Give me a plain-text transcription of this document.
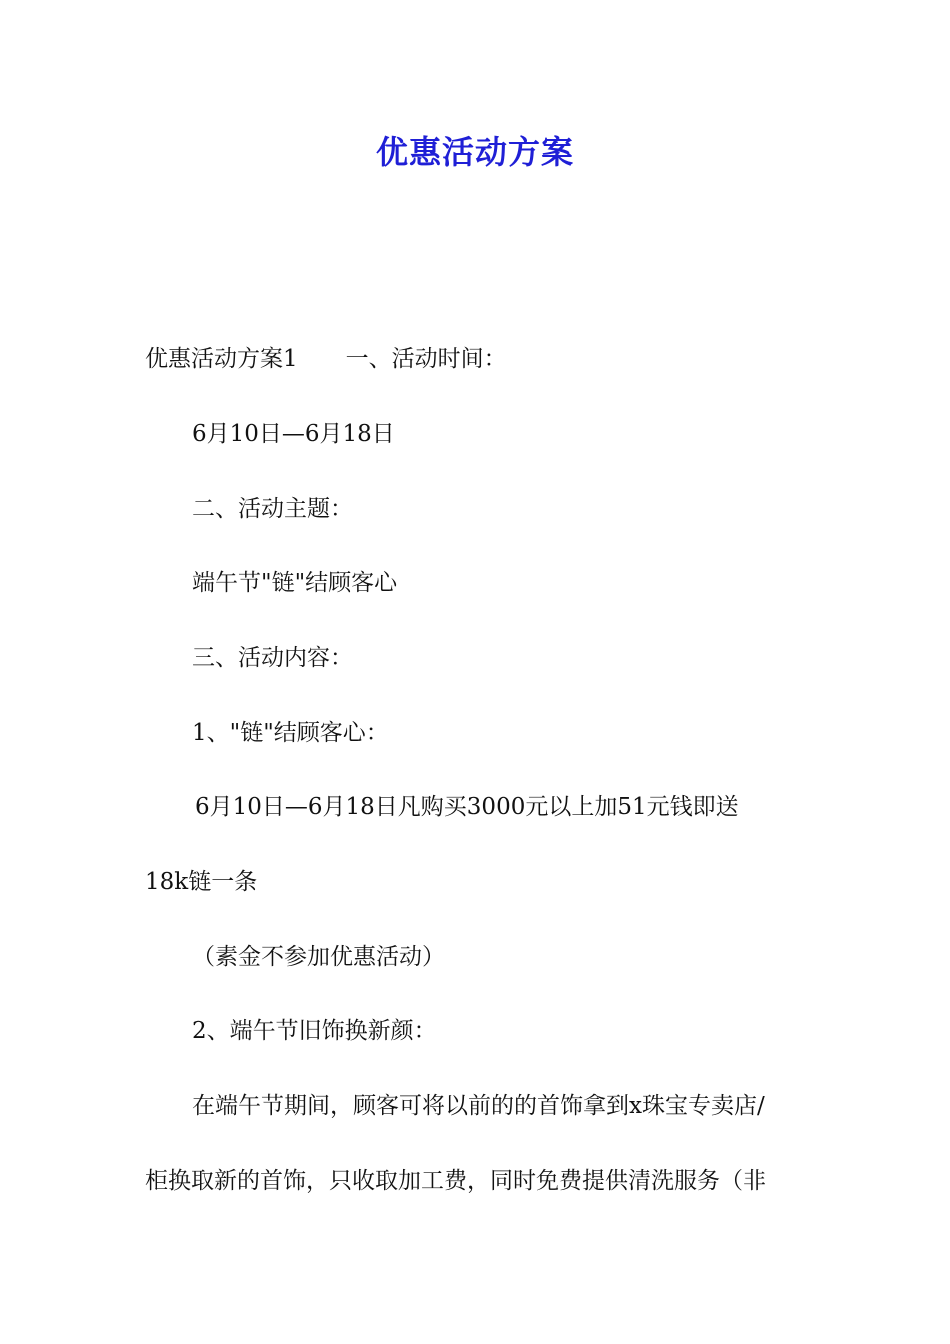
优惠活动方案
优惠活动方案1 一、活动时间：
6月10日—6月18日
二、活动主题：
端午节"链"结顾客心
三、活动内容：
1、"链"结顾客心：
6月10日—6月18日凡购买3000元以上加51元钱即送
18k链一条
（素金不参加优惠活动）
2、端午节旧饰换新颜：
在端午节期间，顾客可将以前的的首饰拿到x珠宝专卖店/
柜换取新的首饰，只收取加工费，同时免费提供清洗服务（非
